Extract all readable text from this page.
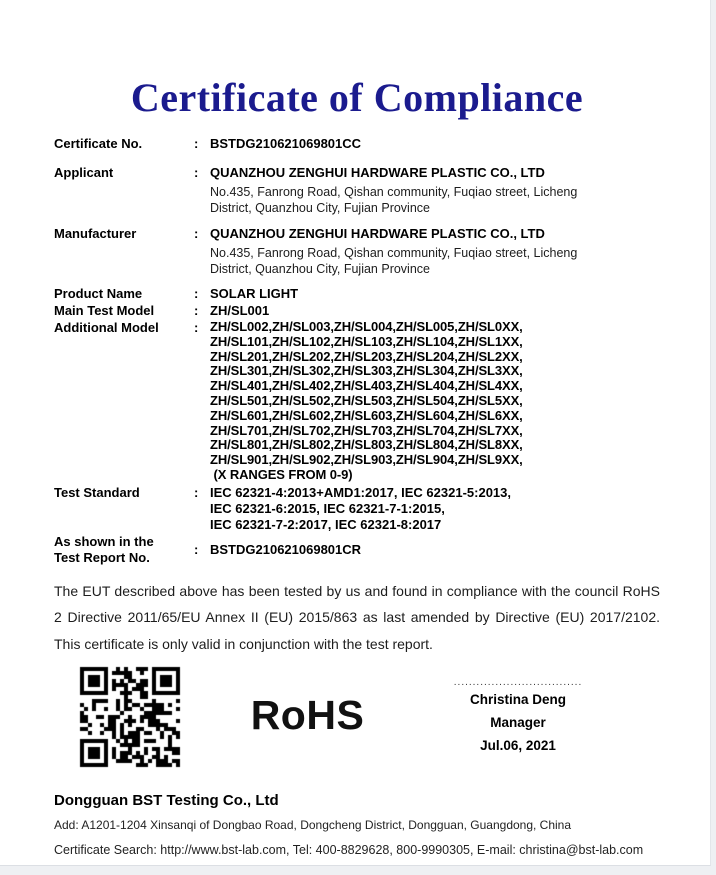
Certificate of Compliance
Certificate No.	: BSTDG210621069801CC
Applicant	: QUANZHOU ZENGHUI HARDWARE PLASTIC CO., LTD
No.435, Fanrong Road, Qishan community, Fuqiao street, Licheng
District, Quanzhou City, Fujian Province
Manufacturer	: QUANZHOU ZENGHUI HARDWARE PLASTIC CO., LTD
No.435, Fanrong Road, Qishan community, Fuqiao street, Licheng
District, Quanzhou City, Fujian Province
Product Name	: SOLAR LIGHT
Main Test Model	: ZH/SL001
Additional Model	: ZH/SL002,ZH/SL003,ZH/SL004,ZH/SL005,ZH/SL0XX,
ZH/SL101,ZH/SL102,ZH/SL103,ZH/SL104,ZH/SL1XX,
ZH/SL201,ZH/SL202,ZH/SL203,ZH/SL204,ZH/SL2XX,
ZH/SL301,ZH/SL302,ZH/SL303,ZH/SL304,ZH/SL3XX,
ZH/SL401,ZH/SL402,ZH/SL403,ZH/SL404,ZH/SL4XX,
ZH/SL501,ZH/SL502,ZH/SL503,ZH/SL504,ZH/SL5XX,
ZH/SL601,ZH/SL602,ZH/SL603,ZH/SL604,ZH/SL6XX,
ZH/SL701,ZH/SL702,ZH/SL703,ZH/SL704,ZH/SL7XX,
ZH/SL801,ZH/SL802,ZH/SL803,ZH/SL804,ZH/SL8XX,
ZH/SL901,ZH/SL902,ZH/SL903,ZH/SL904,ZH/SL9XX,
(X RANGES FROM 0-9)
Test Standard	: IEC 62321-4:2013+AMD1:2017, IEC 62321-5:2013,
IEC 62321-6:2015, IEC 62321-7-1:2015,
IEC 62321-7-2:2017, IEC 62321-8:2017
As shown in the
Test Report No.
: BSTDG210621069801CR
The EUT described above has been tested by us and found in compliance with the council RoHS 2 Directive 2011/65/EU Annex II (EU) 2015/863 as last amended by Directive (EU) 2017/2102. This certificate is only valid in conjunction with the test report.
RoHS
..................................
Christina Deng
Manager
Jul.06, 2021
Dongguan BST Testing Co., Ltd
Add: A1201-1204 Xinsanqi of Dongbao Road, Dongcheng District, Dongguan, Guangdong, China
Certificate Search: http://www.bst-lab.com, Tel: 400-8829628, 800-9990305, E-mail: christina@bst-lab.com
